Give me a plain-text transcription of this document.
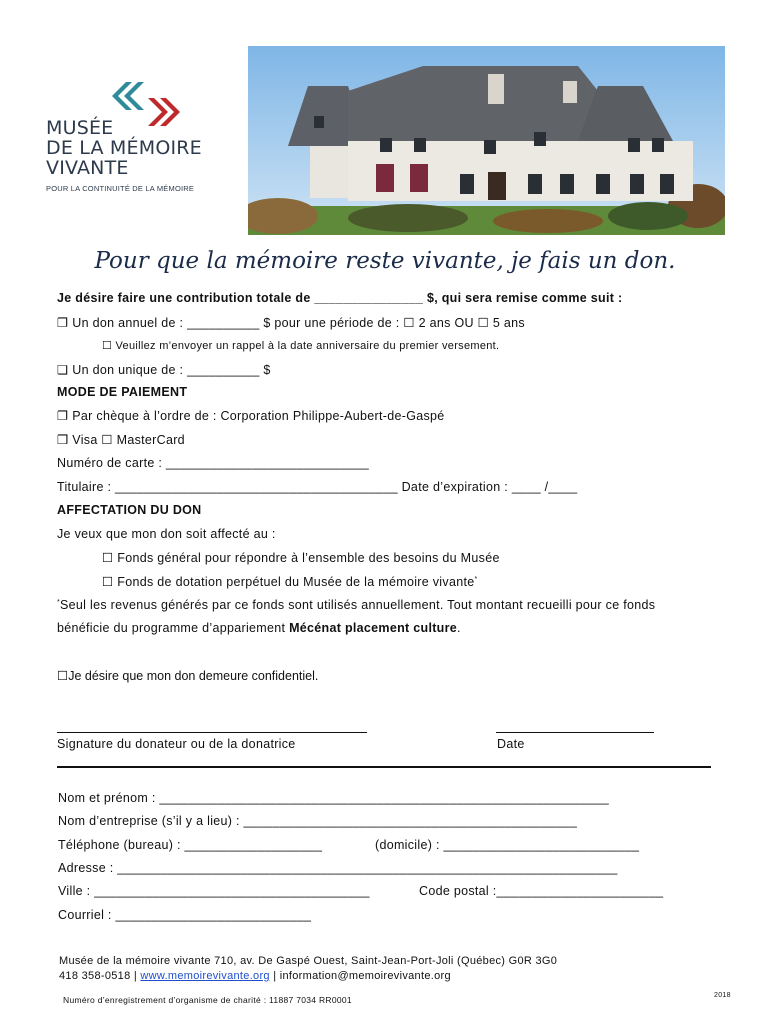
MUSÉE
DE LA MÉMOIRE
VIVANTE
POUR LA CONTINUITÉ DE LA MÉMOIRE
Pour que la mémoire reste vivante, je fais un don.
Je désire faire une contribution totale de _______________ $, qui sera remise comme suit :
❐ Un don annuel de : __________ $ pour une période de : ☐ 2 ans OU ☐ 5 ans
☐ Veuillez m’envoyer un rappel à la date anniversaire du premier versement.
❏ Un don unique de : __________ $
MODE DE PAIEMENT
❐ Par chèque à l’ordre de : Corporation Philippe-Aubert-de-Gaspé
❒ Visa ☐ MasterCard
Numéro de carte : ____________________________
Titulaire : _______________________________________ Date d’expiration : ____ /____
AFFECTATION DU DON
Je veux que mon don soit affecté au :
☐ Fonds général pour répondre à l’ensemble des besoins du Musée
☐ Fonds de dotation perpétuel du Musée de la mémoire vivante*
*Seul les revenus générés par ce fonds sont utilisés annuellement. Tout montant recueilli pour ce fonds
bénéficie du programme d’appariement Mécénat placement culture.
☐Je désire que mon don demeure confidentiel.
Signature du donateur ou de la donatrice	Date
Nom et prénom : ______________________________________________________________
Nom d’entreprise (s’il y a lieu) : ______________________________________________
Téléphone (bureau) : ___________________	(domicile) : ___________________________
Adresse : _____________________________________________________________________
Ville : ______________________________________	Code postal :_______________________
Courriel : ___________________________
Musée de la mémoire vivante 710, av. De Gaspé Ouest, Saint-Jean-Port-Joli (Québec) G0R 3G0
418 358-0518 | www.memoirevivante.org | information@memoirevivante.org
Numéro d’enregistrement d’organisme de charité : 11887 7034 RR0001	2018
